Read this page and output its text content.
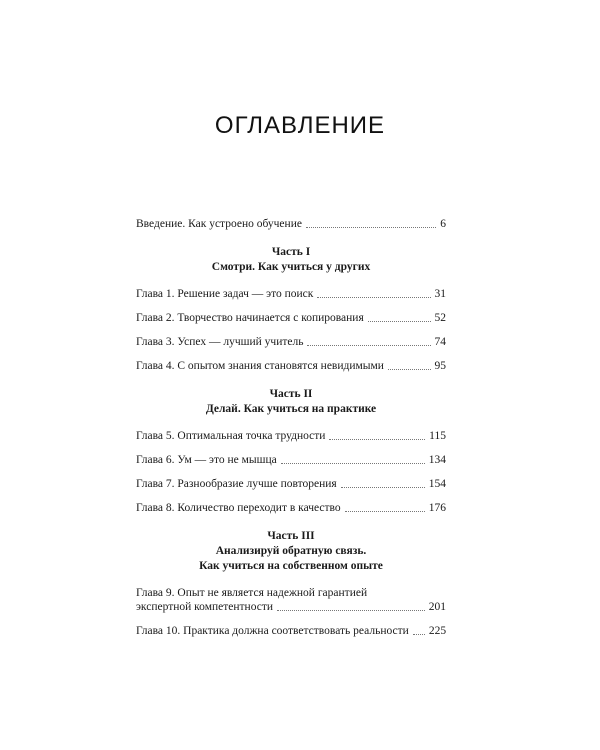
ОГЛАВЛЕНИЕ
Введение. Как устроено обучение	6
Часть I
Смотри. Как учиться у других
Глава 1. Решение задач — это поиск	31
Глава 2. Творчество начинается с копирования	52
Глава 3. Успех — лучший учитель	74
Глава 4. С опытом знания становятся невидимыми	95
Часть II
Делай. Как учиться на практике
Глава 5. Оптимальная точка трудности	115
Глава 6. Ум — это не мышца	134
Глава 7. Разнообразие лучше повторения	154
Глава 8. Количество переходит в качество	176
Часть III
Анализируй обратную связь.
Как учиться на собственном опыте
Глава 9. Опыт не является надежной гарантией
экспертной компетентности	201
Глава 10. Практика должна соответствовать реальности 225
